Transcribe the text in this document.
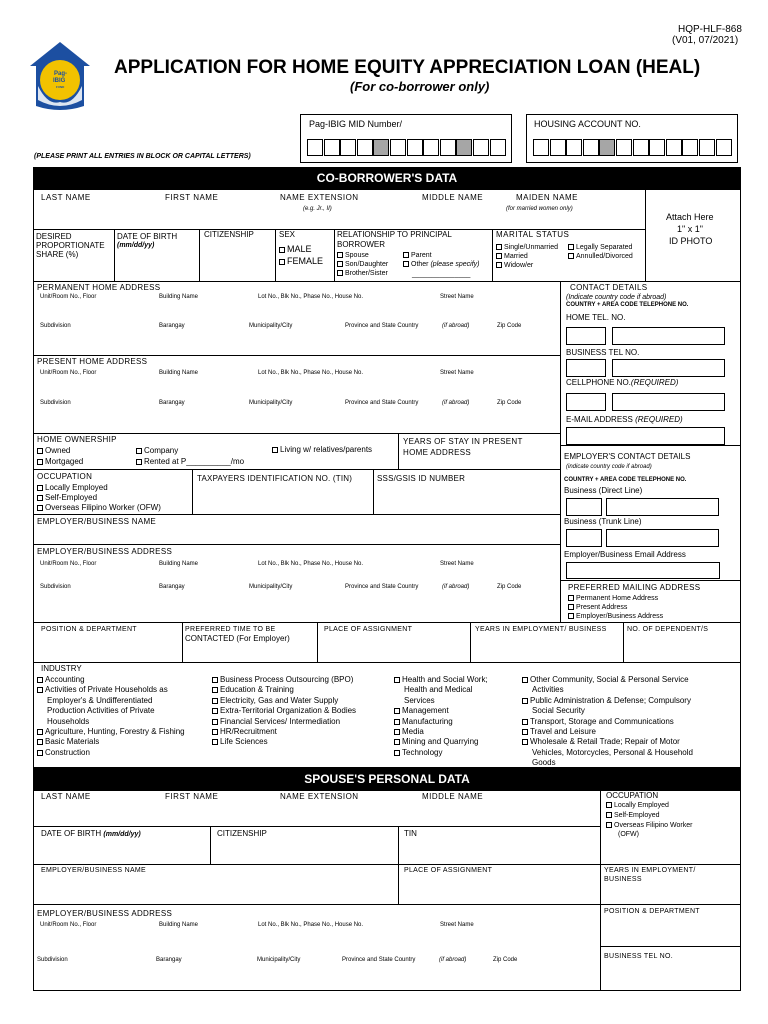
Pag-
IBIG
FUND
HQP-HLF-868
(V01, 07/2021)
APPLICATION FOR HOME EQUITY APPRECIATION LOAN (HEAL)
(For co-borrower only)
(PLEASE PRINT ALL ENTRIES IN BLOCK OR CAPITAL LETTERS)
Pag-IBIG MID Number/	HOUSING ACCOUNT NO.
CO-BORROWER'S DATA
LAST NAME	FIRST NAME	NAME EXTENSION
(e.g. Jr., II)
MIDDLE NAME	MAIDEN NAME
(for married women only)
Attach Here
1" x 1"
ID PHOTO
DESIRED
PROPORTIONATE
SHARE (%)
DATE OF BIRTH
(mm/dd/yy)
CITIZENSHIP	SEX
MALE
FEMALE
RELATIONSHIP TO PRINCIPAL
BORROWER
Spouse	Parent
Son/Daughter	Other (please specify)
Brother/Sister	_______________
MARITAL STATUS
Single/Unmarried	Legally Separated
Married	Annulled/Divorced
Widow/er
PERMANENT HOME ADDRESS
Unit/Room No., Floor	Building Name	Lot No., Blk No., Phase No., House No.	Street Name
Subdivision	Barangay	Municipality/City	Province and State Country	(if abroad)	Zip Code
PRESENT HOME ADDRESS
Unit/Room No., Floor	Building Name	Lot No., Blk No., Phase No., House No.	Street Name
Subdivision	Barangay	Municipality/City	Province and State Country	(if abroad)	Zip Code
CONTACT DETAILS
(Indicate country code if abroad)
COUNTRY + AREA CODE TELEPHONE NO.
HOME TEL. NO.
BUSINESS TEL NO.
CELLPHONE NO.(REQUIRED)
E-MAIL ADDRESS (REQUIRED)
HOME OWNERSHIP
Owned	Company	Living w/ relatives/parents
Mortgaged	Rented at P__________/mo
YEARS OF STAY IN PRESENT
HOME ADDRESS	EMPLOYER'S CONTACT DETAILS
(indicate country code if abroad)
COUNTRY + AREA CODE TELEPHONE NO.
Business (Direct Line)
Business (Trunk Line)
Employer/Business Email Address
OCCUPATION
Locally Employed
Self-Employed
Overseas Filipino Worker (OFW)
TAXPAYERS IDENTIFICATION NO. (TIN)	SSS/GSIS ID NUMBER
EMPLOYER/BUSINESS NAME
EMPLOYER/BUSINESS ADDRESS
Unit/Room No., Floor	Building Name	Lot No., Blk No., Phase No., House No.	Street Name
Subdivision	Barangay	Municipality/City	Province and State Country	(if abroad)	Zip Code	PREFERRED MAILING ADDRESS
Permanent Home Address
Present Address
Employer/Business Address
POSITION & DEPARTMENT	PREFERRED TIME TO BE
CONTACTED (For Employer)
PLACE OF ASSIGNMENT	YEARS IN EMPLOYMENT/ BUSINESS	NO. OF DEPENDENT/S
INDUSTRY
Accounting
Activities of Private Households as
Employer's & Undifferentiated
Production Activities of Private
Households
Agriculture, Hunting, Forestry & Fishing
Basic Materials
Construction
Business Process Outsourcing (BPO)
Education & Training
Electricity, Gas and Water Supply
Extra-Territorial Organization & Bodies
Financial Services/ Intermediation
HR/Recruitment
Life Sciences
Health and Social Work;
Health and Medical
Services
Management
Manufacturing
Media
Mining and Quarrying
Technology
Other Community, Social & Personal Service
Activities
Public Administration & Defense; Compulsory
Social Security
Transport, Storage and Communications
Travel and Leisure
Wholesale & Retail Trade; Repair of Motor
Vehicles, Motorcycles, Personal & Household
Goods
SPOUSE'S PERSONAL DATA
LAST NAME	FIRST NAME	NAME EXTENSION	MIDDLE NAME	OCCUPATION
Locally Employed
Self-Employed
Overseas Filipino Worker
(OFW)
DATE OF BIRTH (mm/dd/yy)	CITIZENSHIP	TIN
EMPLOYER/BUSINESS NAME	PLACE OF ASSIGNMENT	YEARS IN EMPLOYMENT/
BUSINESS
EMPLOYER/BUSINESS ADDRESS	POSITION & DEPARTMENT
BUSINESS TEL NO.
Unit/Room No., Floor	Building Name	Lot No., Blk No., Phase No., House No.	Street Name
Subdivision	Barangay	Municipality/City	Province and State Country	(if abroad)	Zip Code
